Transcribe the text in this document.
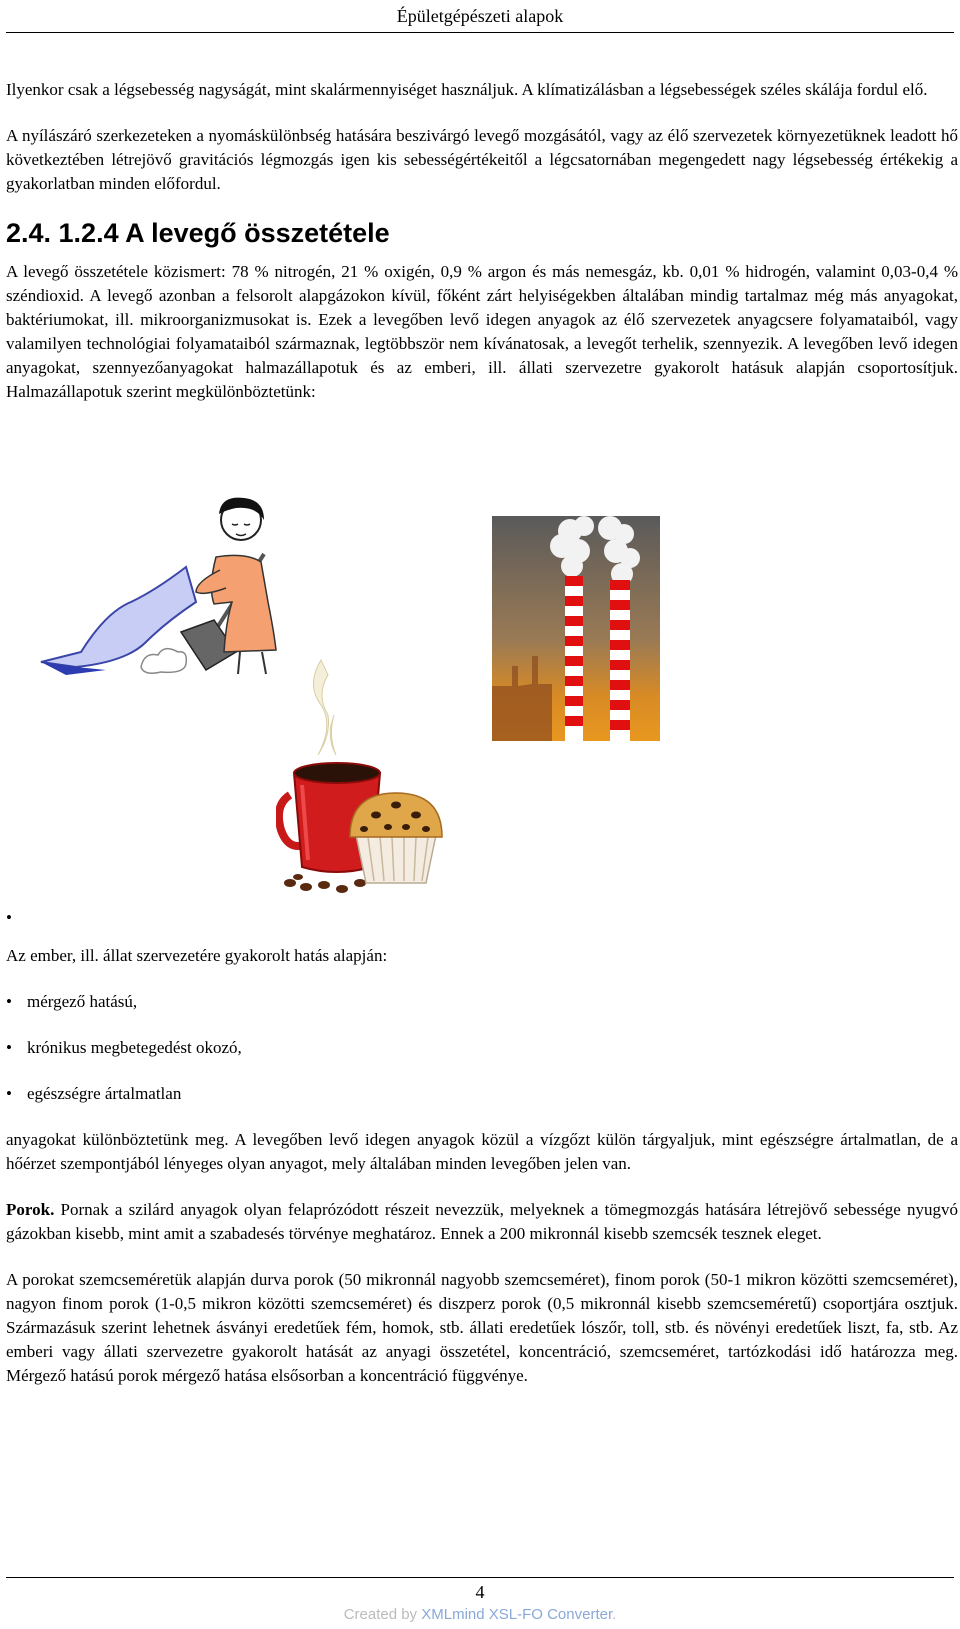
Épületgépészeti alapok

Ilyenkor csak a légsebesség nagyságát, mint skalármennyiséget használjuk. A klímatizálásban a légsebességek széles skálája fordul elő.

A nyílászáró szerkezeteken a nyomáskülönbség hatására beszivárgó levegő mozgásától, vagy az élő szervezetek környezetüknek leadott hő következtében létrejövő gravitációs légmozgás igen kis sebességértékeitől a légcsatornában megengedett nagy légsebesség értékekig a gyakorlatban minden előfordul.

2.4. 1.2.4 A levegő összetétele

A levegő összetétele közismert: 78 % nitrogén, 21 % oxigén, 0,9 % argon és más nemesgáz, kb. 0,01 % hidrogén, valamint 0,03-0,4 % széndioxid. A levegő azonban a felsorolt alapgázokon kívül, főként zárt helyiségekben általában mindig tartalmaz még más anyagokat, baktériumokat, ill. mikroorganizmusokat is. Ezek a levegőben levő idegen anyagok az élő szervezetek anyagcsere folyamataiból, vagy valamilyen technológiai folyamataiból származnak, legtöbbször nem kívánatosak, a levegőt terhelik, szennyezik. A levegőben levő idegen anyagokat, szennyezőanyagokat halmazállapotuk és az emberi, ill. állati szervezetre gyakorolt hatásuk alapján csoportosítjuk. Halmazállapotuk szerint megkülönböztetünk:

•

Az ember, ill. állat szervezetére gyakorolt hatás alapján:

• mérgező hatású,
• krónikus megbetegedést okozó,
• egészségre ártalmatlan

anyagokat különböztetünk meg. A levegőben levő idegen anyagok közül a vízgőzt külön tárgyaljuk, mint egészségre ártalmatlan, de a hőérzet szempontjából lényeges olyan anyagot, mely általában minden levegőben jelen van.

Porok. Pornak a szilárd anyagok olyan felaprózódott részeit nevezzük, melyeknek a tömegmozgás hatására létrejövő sebessége nyugvó gázokban kisebb, mint amit a szabadesés törvénye meghatároz. Ennek a 200 mikronnál kisebb szemcsék tesznek eleget.

A porokat szemcseméretük alapján durva porok (50 mikronnál nagyobb szemcseméret), finom porok (50-1 mikron közötti szemcseméret), nagyon finom porok (1-0,5 mikron közötti szemcseméret) és diszperz porok (0,5 mikronnál kisebb szemcseméretű) csoportjára osztjuk. Származásuk szerint lehetnek ásványi eredetűek fém, homok, stb. állati eredetűek lószőr, toll, stb. és növényi eredetűek liszt, fa, stb. Az emberi vagy állati szervezetre gyakorolt hatását az anyagi összetétel, koncentráció, szemcseméret, tartózkodási idő határozza meg. Mérgező hatású porok mérgező hatása elsősorban a koncentráció függvénye.

4
Created by XMLmind XSL-FO Converter.
